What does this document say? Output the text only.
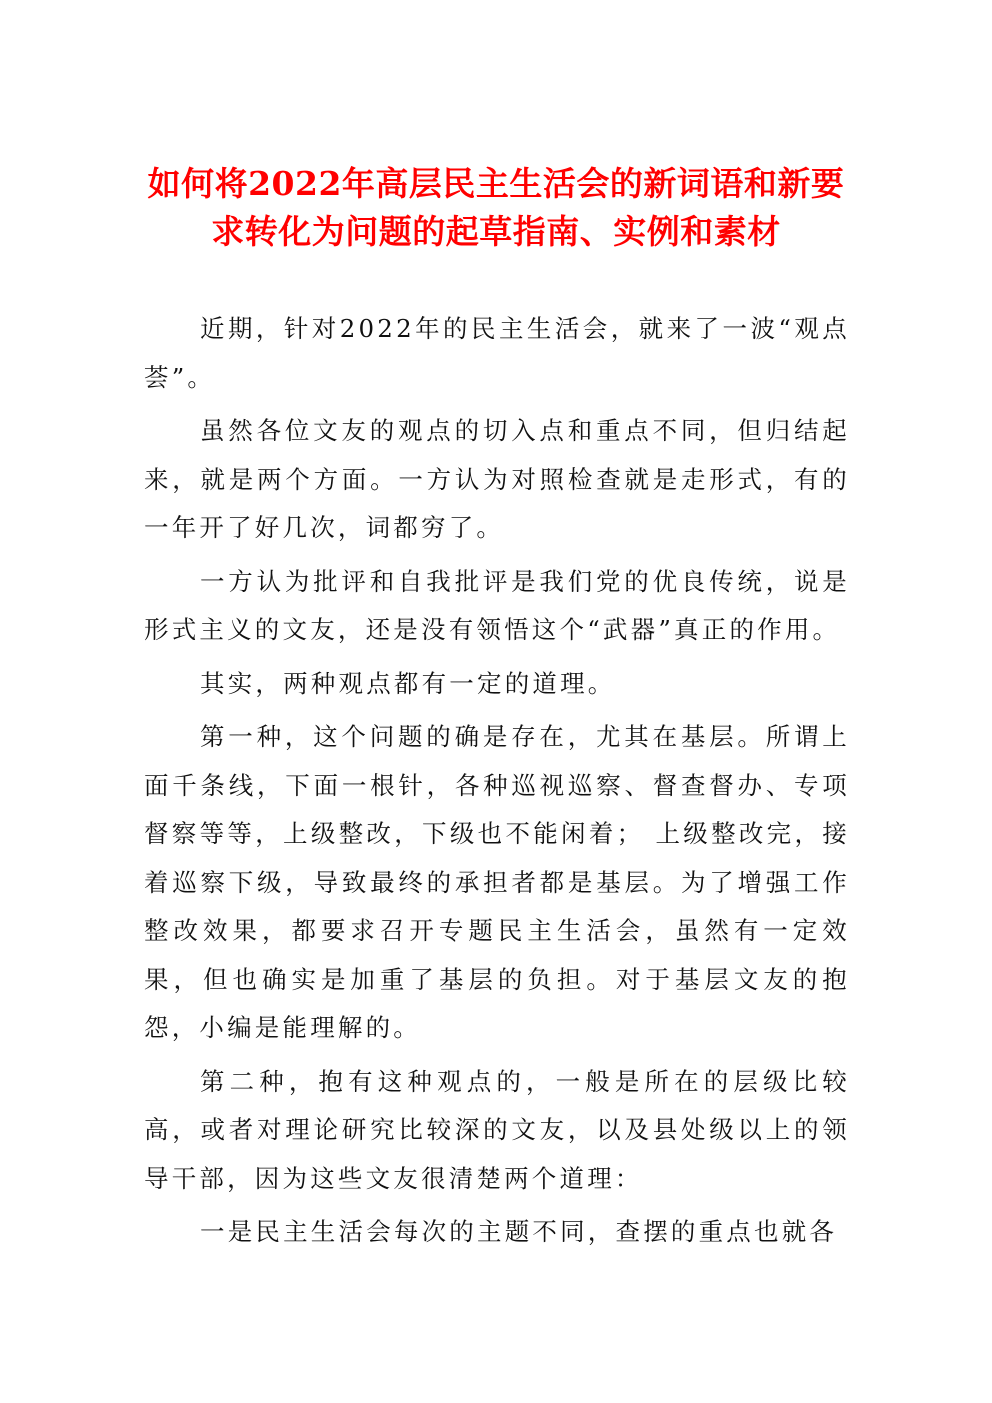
如何将2022年高层民主生活会的新词语和新要求转化为问题的起草指南、实例和素材

近期，针对2022年的民主生活会，就来了一波“观点荟”。

虽然各位文友的观点的切入点和重点不同，但归结起来，就是两个方面。一方认为对照检查就是走形式，有的一年开了好几次，词都穷了。

一方认为批评和自我批评是我们党的优良传统，说是形式主义的文友，还是没有领悟这个“武器”真正的作用。

其实，两种观点都有一定的道理。

第一种，这个问题的确是存在，尤其在基层。所谓上面千条线，下面一根针，各种巡视巡察、督查督办、专项督察等等，上级整改，下级也不能闲着； 上级整改完，接着巡察下级，导致最终的承担者都是基层。为了增强工作整改效果，都要求召开专题民主生活会，虽然有一定效果，但也确实是加重了基层的负担。对于基层文友的抱怨，小编是能理解的。

第二种，抱有这种观点的，一般是所在的层级比较高，或者对理论研究比较深的文友，以及县处级以上的领导干部，因为这些文友很清楚两个道理：

一是民主生活会每次的主题不同，查摆的重点也就各
